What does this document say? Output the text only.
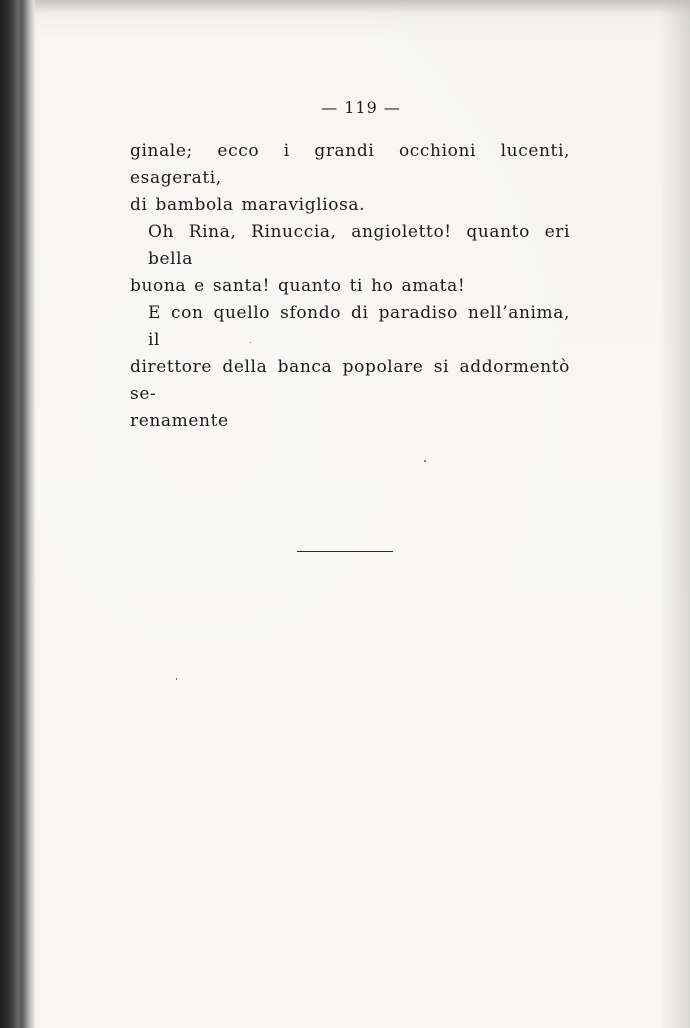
— 119 —

ginale; ecco i grandi occhioni lucenti, esagerati,

di bambola maravigliosa.

Oh Rina, Rinuccia, angioletto! quanto eri bella

buona e santa! quanto ti ho amata!

E con quello sfondo di paradiso nell’anima, il

direttore della banca popolare si addormentò se-

renamente
